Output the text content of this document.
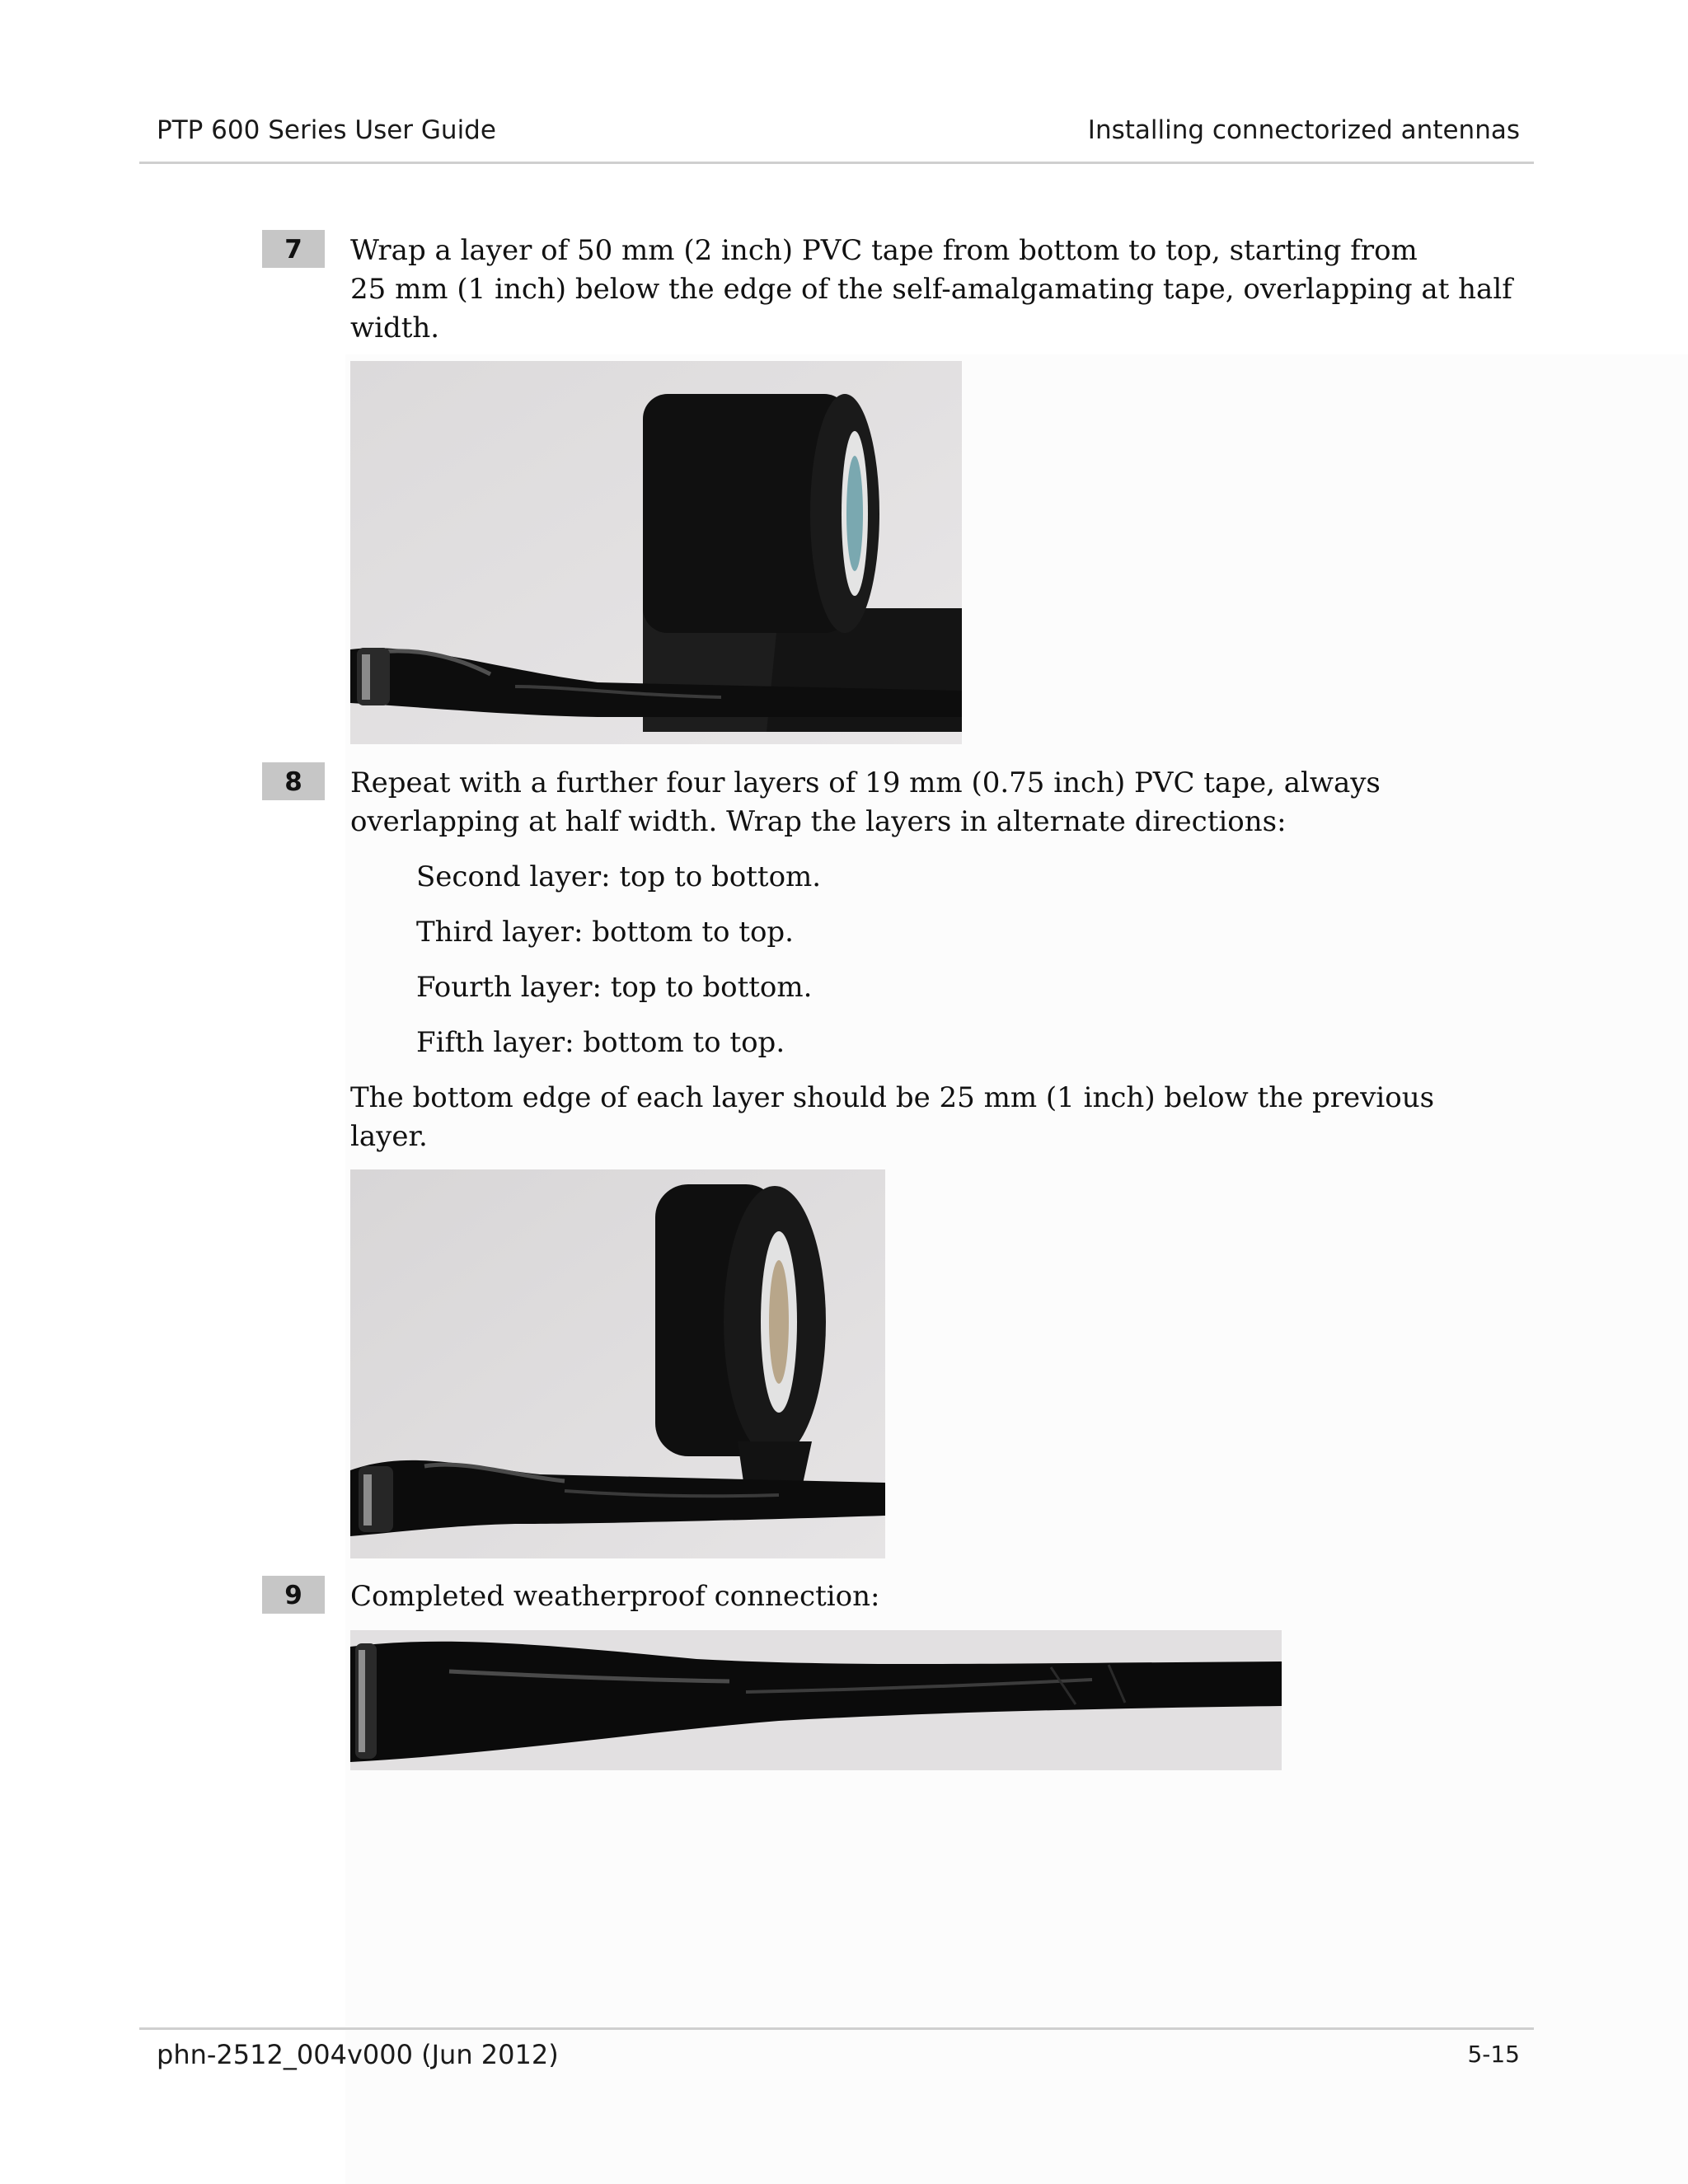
PTP 600 Series User Guide	Installing connectorized antennas
7	Wrap a layer of 50 mm (2 inch) PVC tape from bottom to top, starting from
25 mm (1 inch) below the edge of the self-amalgamating tape, overlapping at half
width.
8	Repeat with a further four layers of 19 mm (0.75 inch) PVC tape, always
overlapping at half width. Wrap the layers in alternate directions:
Second layer: top to bottom.
Third layer: bottom to top.
Fourth layer: top to bottom.
Fifth layer: bottom to top.
The bottom edge of each layer should be 25 mm (1 inch) below the previous
layer.
9	Completed weatherproof connection:
phn-2512_004v000 (Jun 2012)	5-15
